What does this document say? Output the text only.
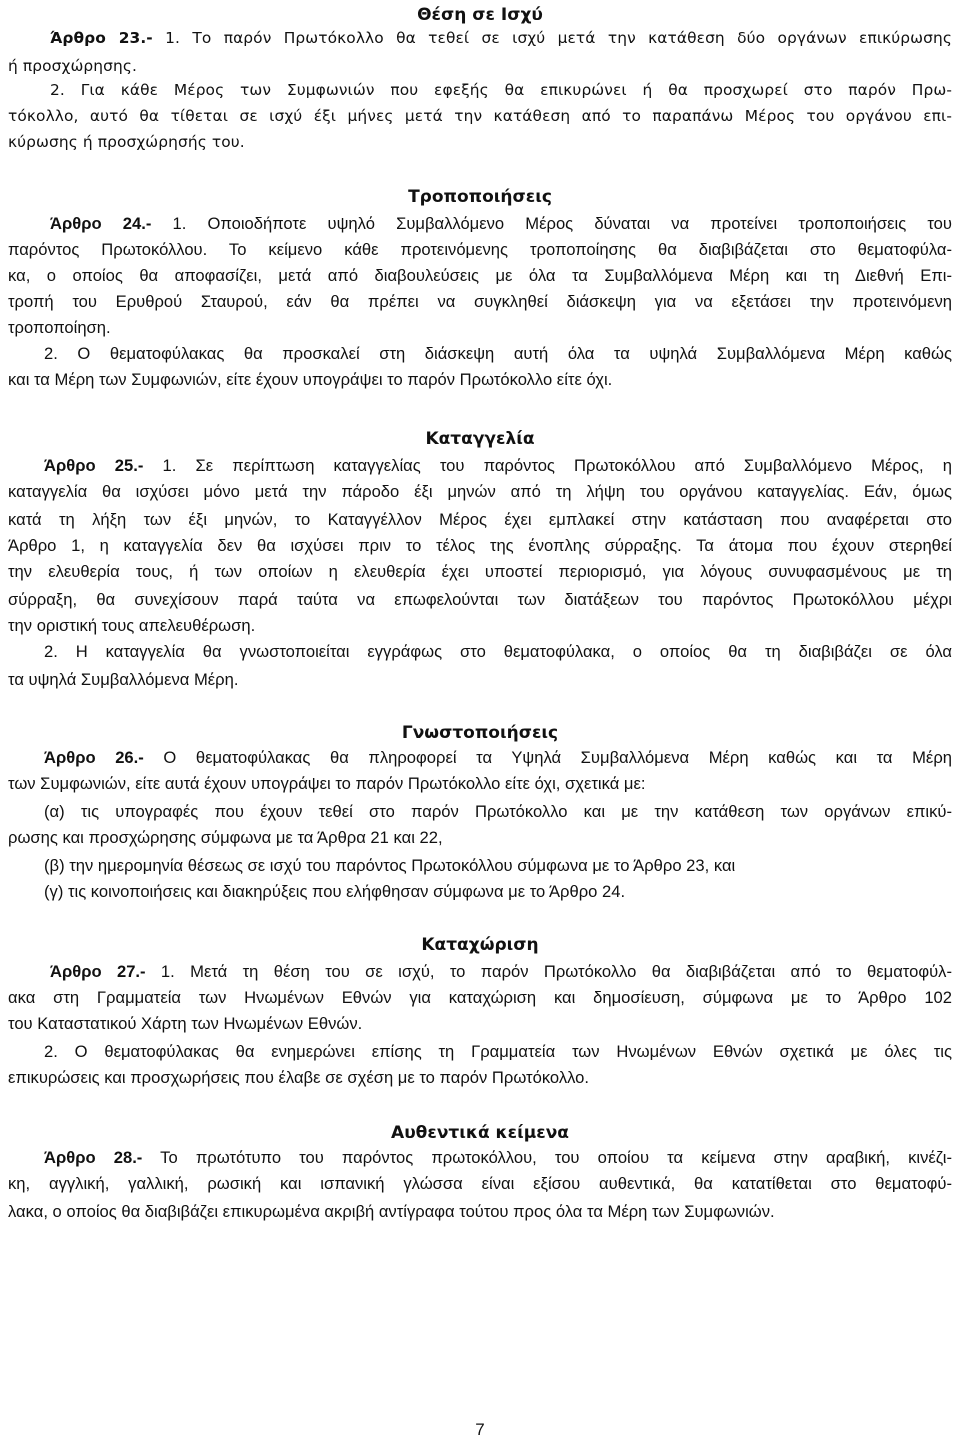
Θέση σε Ισχύ
Άρθρο 23.- 1. Το παρόν Πρωτόκολλο θα τεθεί σε ισχύ μετά την κατάθεση δύο οργάνων επικύρωσης
ή προσχώρησης.
2. Για κάθε Μέρος των Συμφωνιών που εφεξής θα επικυρώνει ή θα προσχωρεί στο παρόν Πρω-
τόκολλο, αυτό θα τίθεται σε ισχύ έξι μήνες μετά την κατάθεση από το παραπάνω Μέρος του οργάνου επι-
κύρωσης ή προσχώρησής του.
Τροποποιήσεις
Άρθρο 24.- 1. Οποιοδήποτε υψηλό Συμβαλλόμενο Μέρος δύναται να προτείνει τροποποιήσεις του
παρόντος Πρωτοκόλλου. Το κείμενο κάθε προτεινόμενης τροποποίησης θα διαβιβάζεται στο θεματοφύλα-
κα, ο οποίος θα αποφασίζει, μετά από διαβουλεύσεις με όλα τα Συμβαλλόμενα Μέρη και τη Διεθνή Επι-
τροπή του Ερυθρού Σταυρού, εάν θα πρέπει να συγκληθεί διάσκεψη για να εξετάσει την προτεινόμενη
τροποποίηση.
2. Ο θεματοφύλακας θα προσκαλεί στη διάσκεψη αυτή όλα τα υψηλά Συμβαλλόμενα Μέρη καθώς
και τα Μέρη των Συμφωνιών, είτε έχουν υπογράψει το παρόν Πρωτόκολλο είτε όχι.
Καταγγελία
Άρθρο 25.- 1. Σε περίπτωση καταγγελίας του παρόντος Πρωτοκόλλου από Συμβαλλόμενο Μέρος, η
καταγγελία θα ισχύσει μόνο μετά την πάροδο έξι μηνών από τη λήψη του οργάνου καταγγελίας. Εάν, όμως
κατά τη λήξη των έξι μηνών, το Καταγγέλλον Μέρος έχει εμπλακεί στην κατάσταση που αναφέρεται στο
Άρθρο 1, η καταγγελία δεν θα ισχύσει πριν το τέλος της ένοπλης σύρραξης. Τα άτομα που έχουν στερηθεί
την ελευθερία τους, ή των οποίων η ελευθερία έχει υποστεί περιορισμό, για λόγους συνυφασμένους με τη
σύρραξη, θα συνεχίσουν παρά ταύτα να επωφελούνται των διατάξεων του παρόντος Πρωτοκόλλου μέχρι
την οριστική τους απελευθέρωση.
2. Η καταγγελία θα γνωστοποιείται εγγράφως στο θεματοφύλακα, ο οποίος θα τη διαβιβάζει σε όλα
τα υψηλά Συμβαλλόμενα Μέρη.
Γνωστοποιήσεις
Άρθρο 26.- Ο θεματοφύλακας θα πληροφορεί τα Υψηλά Συμβαλλόμενα Μέρη καθώς και τα Μέρη
των Συμφωνιών, είτε αυτά έχουν υπογράψει το παρόν Πρωτόκολλο είτε όχι, σχετικά με:
(α) τις υπογραφές που έχουν τεθεί στο παρόν Πρωτόκολλο και με την κατάθεση των οργάνων επικύ-
ρωσης και προσχώρησης σύμφωνα με τα Άρθρα 21 και 22,
(β) την ημερομηνία θέσεως σε ισχύ του παρόντος Πρωτοκόλλου σύμφωνα με το Άρθρο 23, και
(γ) τις κοινοποιήσεις και διακηρύξεις που ελήφθησαν σύμφωνα με το Άρθρο 24.
Καταχώριση
Άρθρο 27.- 1. Μετά τη θέση του σε ισχύ, το παρόν Πρωτόκολλο θα διαβιβάζεται από το θεματοφύλ-
ακα στη Γραμματεία των Ηνωμένων Εθνών για καταχώριση και δημοσίευση, σύμφωνα με το Άρθρο 102
του Καταστατικού Χάρτη των Ηνωμένων Εθνών.
2. Ο θεματοφύλακας θα ενημερώνει επίσης τη Γραμματεία των Ηνωμένων Εθνών σχετικά με όλες τις
επικυρώσεις και προσχωρήσεις που έλαβε σε σχέση με το παρόν Πρωτόκολλο.
Αυθεντικά κείμενα
Άρθρο 28.- Το πρωτότυπο του παρόντος πρωτοκόλλου, του οποίου τα κείμενα στην αραβική, κινέζι-
κη, αγγλική, γαλλική, ρωσική και ισπανική γλώσσα είναι εξίσου αυθεντικά, θα κατατίθεται στο θεματοφύ-
λακα, ο οποίος θα διαβιβάζει επικυρωμένα ακριβή αντίγραφα τούτου προς όλα τα Μέρη των Συμφωνιών.
7
